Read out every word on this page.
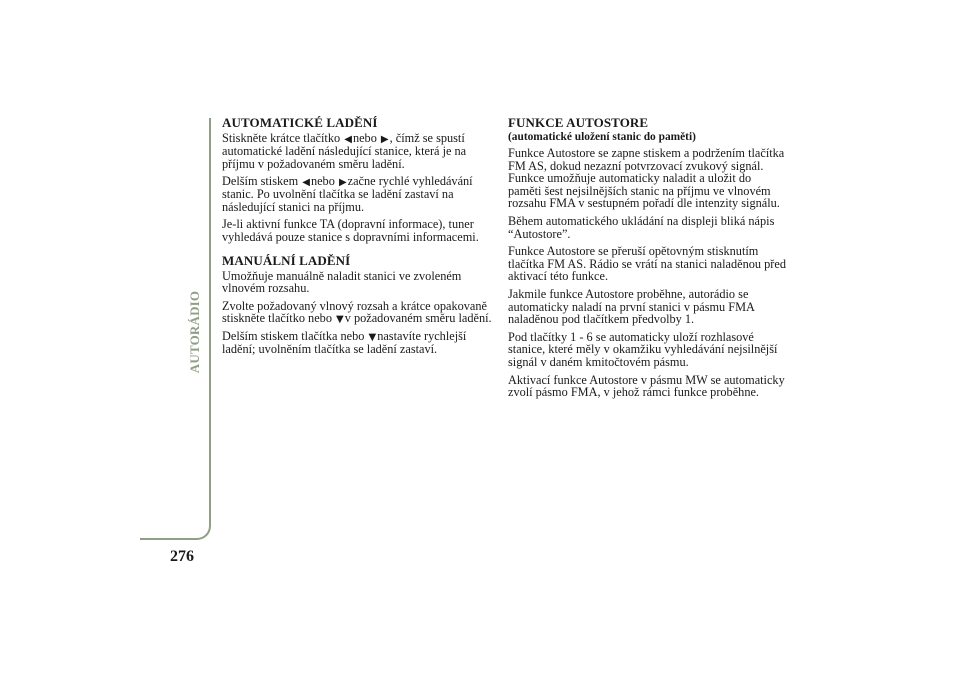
AUTORÁDIO
276
AUTOMATICKÉ LADĚNÍ

Stiskněte krátce tlačítko ◀nebo ▶, čímž se spustí automatické ladění následující stanice, která je na příjmu v požadovaném směru ladění.

Delším stiskem ◀nebo ▶začne rychlé vyhledávání stanic. Po uvolnění tlačítka se ladění zastaví na následující stanici na příjmu.

Je-li aktivní funkce TA (dopravní informace), tuner vyhledává pouze stanice s dopravními informacemi.

MANUÁLNÍ LADĚNÍ

Umožňuje manuálně naladit stanici ve zvoleném vlnovém rozsahu.

Zvolte požadovaný vlnový rozsah a krátce opakovaně stiskněte tlačítko nebo ▼v požadovaném směru ladění.

Delším stiskem tlačítka nebo ▼nastavíte rychlejší ladění; uvolněním tlačítka se ladění zastaví.

FUNKCE AUTOSTORE
(automatické uložení stanic do paměti)

Funkce Autostore se zapne stiskem a podržením tlačítka FM AS, dokud nezazní potvrzovací zvukový signál. Funkce umožňuje automaticky naladit a uložit do paměti šest nejsilnějších stanic na příjmu ve vlnovém rozsahu FMA v sestupném pořadí dle intenzity signálu.

Během automatického ukládání na displeji bliká nápis “Autostore”.

Funkce Autostore se přeruší opětovným stisknutím tlačítka FM AS. Rádio se vrátí na stanici naladěnou před aktivací této funkce.

Jakmile funkce Autostore proběhne, autorádio se automaticky naladí na první stanici v pásmu FMA naladěnou pod tlačítkem předvolby 1.

Pod tlačítky 1 - 6 se automaticky uloží rozhlasové stanice, které měly v okamžiku vyhledávání nejsilnější signál v daném kmitočtovém pásmu.

Aktivací funkce Autostore v pásmu MW se automaticky zvolí pásmo FMA, v jehož rámci funkce proběhne.
